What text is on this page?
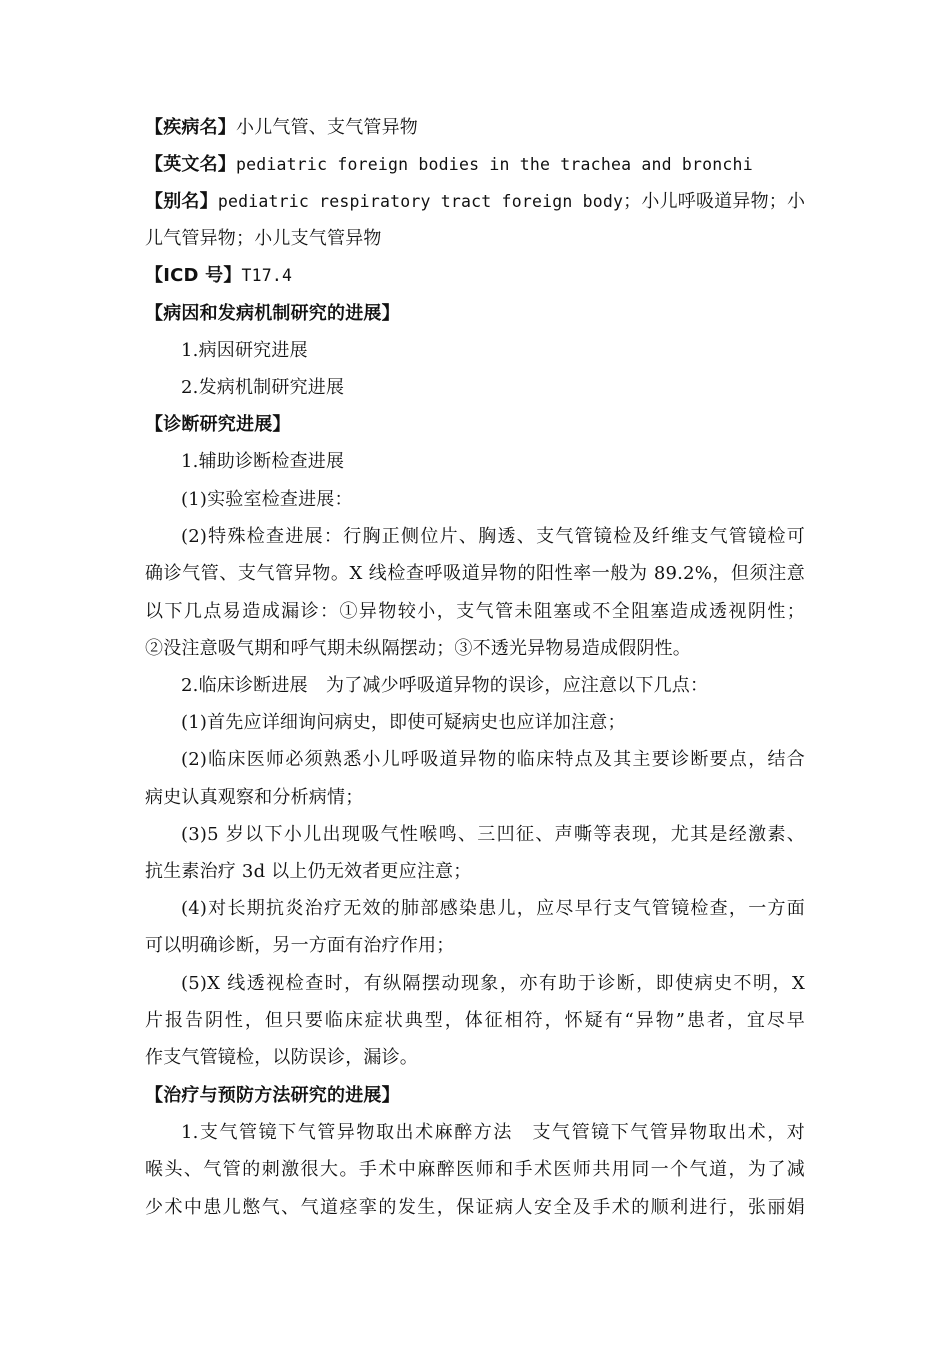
【疾病名】小儿气管、支气管异物
【英文名】pediatric foreign bodies in the trachea and bronchi
【别名】pediatric respiratory tract foreign body；小儿呼吸道异物；小
儿气管异物；小儿支气管异物
【ICD 号】T17.4
【病因和发病机制研究的进展】
1.病因研究进展
2.发病机制研究进展
【诊断研究进展】
1.辅助诊断检查进展
(1)实验室检查进展：
(2)特殊检查进展：行胸正侧位片、胸透、支气管镜检及纤维支气管镜检可
确诊气管、支气管异物。X 线检查呼吸道异物的阳性率一般为 89.2%，但须注意
以下几点易造成漏诊：①异物较小，支气管未阻塞或不全阻塞造成透视阴性；
②没注意吸气期和呼气期未纵隔摆动；③不透光异物易造成假阴性。
2.临床诊断进展　为了减少呼吸道异物的误诊，应注意以下几点：
(1)首先应详细询问病史，即使可疑病史也应详加注意；
(2)临床医师必须熟悉小儿呼吸道异物的临床特点及其主要诊断要点，结合
病史认真观察和分析病情；
(3)5 岁以下小儿出现吸气性喉鸣、三凹征、声嘶等表现，尤其是经激素、
抗生素治疗 3d 以上仍无效者更应注意；
(4)对长期抗炎治疗无效的肺部感染患儿，应尽早行支气管镜检查，一方面
可以明确诊断，另一方面有治疗作用；
(5)X 线透视检查时，有纵隔摆动现象，亦有助于诊断，即使病史不明，X
片报告阴性，但只要临床症状典型，体征相符，怀疑有“异物”患者，宜尽早
作支气管镜检，以防误诊，漏诊。
【治疗与预防方法研究的进展】
1.支气管镜下气管异物取出术麻醉方法　支气管镜下气管异物取出术，对
喉头、气管的刺激很大。手术中麻醉医师和手术医师共用同一个气道，为了减
少术中患儿憋气、气道痉挛的发生，保证病人安全及手术的顺利进行，张丽娟
